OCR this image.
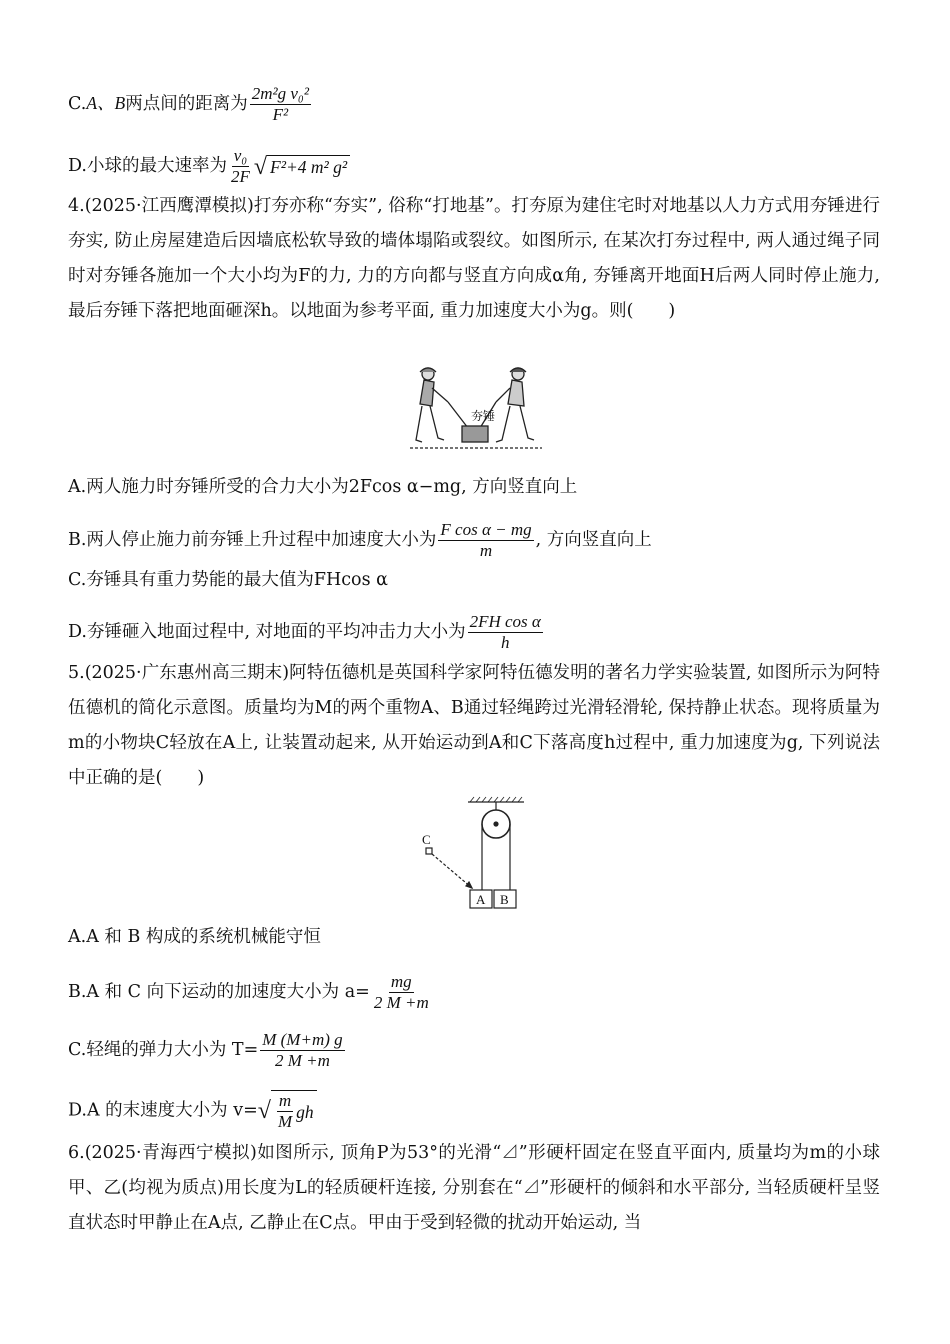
C.A、B两点间的距离为 $\frac{\text{2m²g v₀²}}{\text{F²}}$
D.小球的最大速率为 $\frac{\text{v₀}}{2F}$ √ F²+4 m² g²
4.(2025·江西鹰潭模拟)打夯亦称“夯实”, 俗称“打地基”。打夯原为建住宅时对地基以人力方式用夯锤进行夯实, 防止房屋建造后因墙底松软导致的墙体塌陷或裂纹。如图所示, 在某次打夯过程中, 两人通过绳子同时对夯锤各施加一个大小均为F的力, 力的方向都与竖直方向成α角, 夯锤离开地面H后两人同时停止施力, 最后夯锤下落把地面砸深h。以地面为参考平面, 重力加速度大小为g。则(　　)
夯锤
A.两人施力时夯锤所受的合力大小为2Fcos α−mg, 方向竖直向上
B.两人停止施力前夯锤上升过程中加速度大小为 $\frac{\text{F cos α − mg}}{m}$ , 方向竖直向上
C.夯锤具有重力势能的最大值为FHcos α
D.夯锤砸入地面过程中, 对地面的平均冲击力大小为 $\frac{\text{2FH cos α}}{h}$
5.(2025·广东惠州高三期末)阿特伍德机是英国科学家阿特伍德发明的著名力学实验装置, 如图所示为阿特伍德机的简化示意图。质量均为M的两个重物A、B通过轻绳跨过光滑轻滑轮, 保持静止状态。现将质量为m的小物块C轻放在A上, 让装置动起来, 从开始运动到A和C下落高度h过程中, 重力加速度为g, 下列说法中正确的是(　　)
C
A B
A.A 和 B 构成的系统机械能守恒
B.A 和 C 向下运动的加速度大小为 $a= \frac{mg}{2 M +m}$
C.轻绳的弹力大小为 $T= \frac{M (M+m) g}{2 M +m}$
D.A 的末速度大小为 v= √ $\frac{m}{M}$ gh
6.(2025·青海西宁模拟)如图所示, 顶角P为53°的光滑“⊿”形硬杆固定在竖直平面内, 质量均为m的小球甲、乙(均视为质点)用长度为L的轻质硬杆连接, 分别套在“⊿”形硬杆的倾斜和水平部分, 当轻质硬杆呈竖直状态时甲静止在A点, 乙静止在C点。甲由于受到轻微的扰动开始运动, 当
